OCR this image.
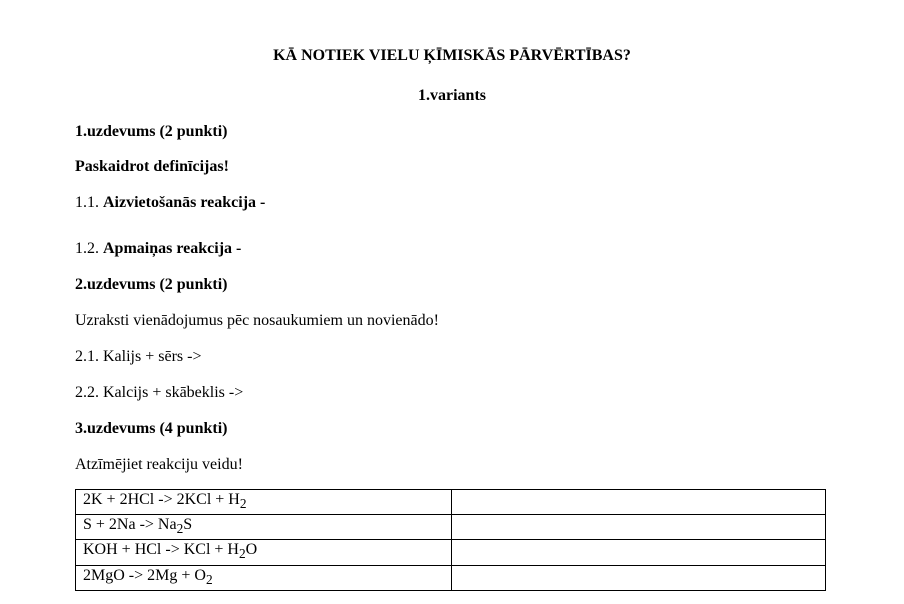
KĀ NOTIEK VIELU ĶĪMISKĀS PĀRVĒRTĪBAS?
1.variants
1.uzdevums (2 punkti)
Paskaidrot definīcijas!
1.1. Aizvietošanās reakcija -
1.2. Apmaiņas reakcija -
2.uzdevums (2 punkti)
Uzraksti vienādojumus pēc nosaukumiem un novienādo!
2.1. Kalijs + sērs ->
2.2. Kalcijs + skābeklis ->
3.uzdevums (4 punkti)
Atzīmējiet reakciju veidu!
$2K + 2HCl -> 2KCl + H_2$	
$S + 2Na -> Na_2S$	
KOH + HCl -> KCl + $H_2O$	
$2MgO -> 2Mg + O_2$	
